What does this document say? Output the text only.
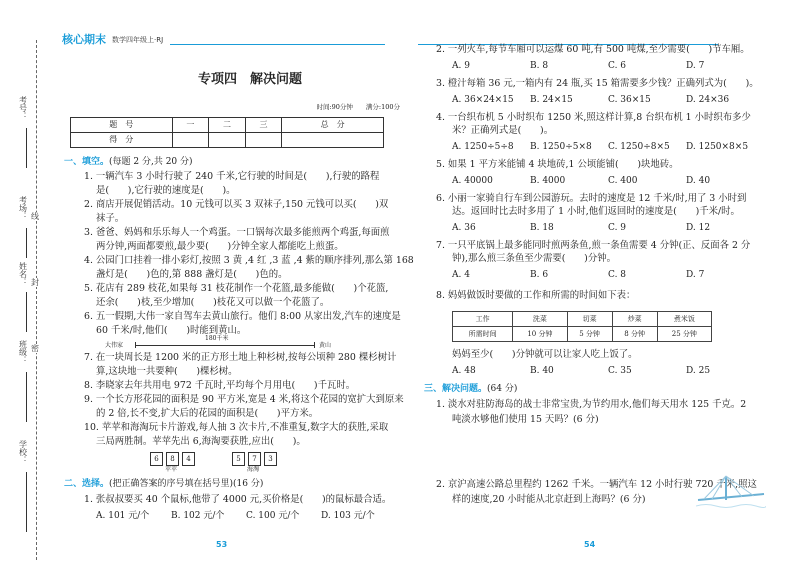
考号：
考场：
姓名：
班级：
学校：
线
封
密
核心期末 数学四年级上·RJ
专项四　解决问题
时间:90分钟　　满分:100分
题　号	一	二	三	总　分
得　分				
一、填空。(每题 2 分,共 20 分)
1. 一辆汽车 3 小时行驶了 240 千米,它行驶的时间是(　　),行驶的路程
是(　　),它行驶的速度是(　　)。
2. 商店开展促销活动。10 元钱可以买 3 双袜子,150 元钱可以买(　　)双
袜子。
3. 爸爸、妈妈和乐乐每人一个鸡蛋。一口锅每次最多能煎两个鸡蛋,每面煎
两分钟,两面都要煎,最少要(　　)分钟全家人都能吃上煎蛋。
4. 公园门口挂着一排小彩灯,按照 3 黄 ,4 红 ,3 蓝 ,4 紫的顺序排列,那么第 168
盏灯是(　　)色的,第 888 盏灯是(　　)色的。
5. 花店有 289 枝花,如果每 31 枝花制作一个花篮,最多能做(　　)个花篮,
还余(　　)枝,至少增加(　　)枝花又可以做一个花篮了。
6. 五一假期,大伟一家自驾车去黄山旅行。他们 8:00 从家出发,汽车的速度是
60 千米/时,他们(　　)时能到黄山。
大伟家
180千米
黄山
7. 在一块周长是 1200 米的正方形土地上种杉树,按每公顷种 280 棵杉树计
算,这块地一共要种(　　)棵杉树。
8. 李晓家去年共用电 972 千瓦时,平均每个月用电(　　)千瓦时。
9. 一个长方形花园的面积是 90 平方米,宽是 4 米,将这个花园的宽扩大到原来
的 2 倍,长不变,扩大后的花园的面积是(　　)平方米。
10. 苹苹和海淘玩卡片游戏,每人抽 3 次卡片,不准重复,数字大的获胜,采取
三局两胜制。苹苹先出 6,海淘要获胜,应出(　　)。
6 8 4
苹苹
5 7 3
海淘
二、选择。(把正确答案的序号填在括号里)(16 分)
1. 张叔叔要买 40 个鼠标,他带了 4000 元,买价格是(　　)的鼠标最合适。
A. 101 元/个	B. 102 元/个	C. 100 元/个	D. 103 元/个
53
2. 一列火车,每节车厢可以运煤 60 吨,有 500 吨煤,至少需要(　　)节车厢。
A. 9	B. 8	C. 6	D. 7
3. 橙汁每箱 36 元,一箱内有 24 瓶,买 15 箱需要多少钱？正确列式为(　　)。
A. 36×24×15	B. 24×15	C. 36×15	D. 24×36
4. 一台织布机 5 小时织布 1250 米,照这样计算,8 台织布机 1 小时织布多少
米？正确列式是(　　)。
A. 1250÷5÷8	B. 1250÷5×8	C. 1250÷8×5	D. 1250×8×5
5. 如果 1 平方米能铺 4 块地砖,1 公顷能铺(　　)块地砖。
A. 40000	B. 4000	C. 400	D. 40
6. 小丽一家骑自行车到公园游玩。去时的速度是 12 千米/时,用了 3 小时到
达。返回时比去时多用了 1 小时,他们返回时的速度是(　　)千米/时。
A. 36	B. 18	C. 9	D. 12
7. 一只平底锅上最多能同时煎两条鱼,煎一条鱼需要 4 分钟(正、反面各 2 分
钟),那么煎三条鱼至少需要(　　)分钟。
A. 4	B. 6	C. 8	D. 7
8. 妈妈做饭时要做的工作和所需的时间如下表：
工作	洗菜	切菜	炒菜	煮米饭
所需时间	10 分钟	5 分钟	8 分钟	25 分钟
妈妈至少(　　)分钟就可以让家人吃上饭了。
A. 48	B. 40	C. 35	D. 25
三、解决问题。(64 分)
1. 淡水对驻防海岛的战士非常宝贵,为节约用水,他们每天用水 125 千克。2
吨淡水够他们使用 15 天吗？(6 分)
2. 京沪高速公路总里程约 1262 千米。一辆汽车 12 小时行驶 720 千米,照这
样的速度,20 小时能从北京赶到上海吗？(6 分)
54
